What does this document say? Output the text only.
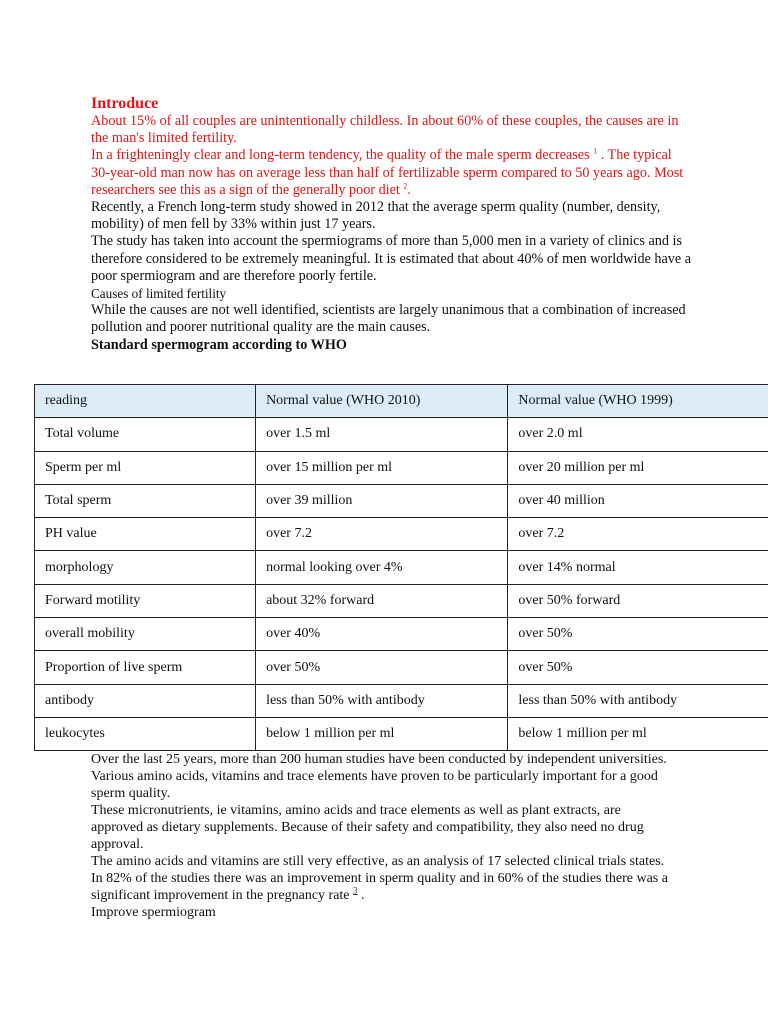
Introduce

About 15% of all couples are unintentionally childless. In about 60% of these couples, the causes are in the man's limited fertility.

In a frighteningly clear and long-term tendency, the quality of the male sperm decreases $^1$ . The typical 30-year-old man now has on average less than half of fertilizable sperm compared to 50 years ago. Most researchers see this as a sign of the generally poor diet $^2$.

Recently, a French long-term study showed in 2012 that the average sperm quality (number, density, mobility) of men fell by 33% within just 17 years.

The study has taken into account the spermiograms of more than 5,000 men in a variety of clinics and is therefore considered to be extremely meaningful. It is estimated that about 40% of men worldwide have a poor spermiogram and are therefore poorly fertile.

Causes of limited fertility

While the causes are not well identified, scientists are largely unanimous that a combination of increased pollution and poorer nutritional quality are the main causes.

Standard spermogram according to WHO

reading	Normal value (WHO 2010)	Normal value (WHO 1999)
Total volume	over 1.5 ml	over 2.0 ml
Sperm per ml	over 15 million per ml	over 20 million per ml
Total sperm	over 39 million	over 40 million
PH value	over 7.2	over 7.2
morphology	normal looking over 4%	over 14% normal
Forward motility	about 32% forward	over 50% forward
overall mobility	over 40%	over 50%
Proportion of live sperm	over 50%	over 50%
antibody	less than 50% with antibody	less than 50% with antibody
leukocytes	below 1 million per ml	below 1 million per ml

Over the last 25 years, more than 200 human studies have been conducted by independent universities. Various amino acids, vitamins and trace elements have proven to be particularly important for a good sperm quality.

These micronutrients, ie vitamins, amino acids and trace elements as well as plant extracts, are approved as dietary supplements. Because of their safety and compatibility, they also need no drug approval.

The amino acids and vitamins are still very effective, as an analysis of 17 selected clinical trials states. In 82% of the studies there was an improvement in sperm quality and in 60% of the studies there was a significant improvement in the pregnancy rate $^3$ .

Improve spermiogram
